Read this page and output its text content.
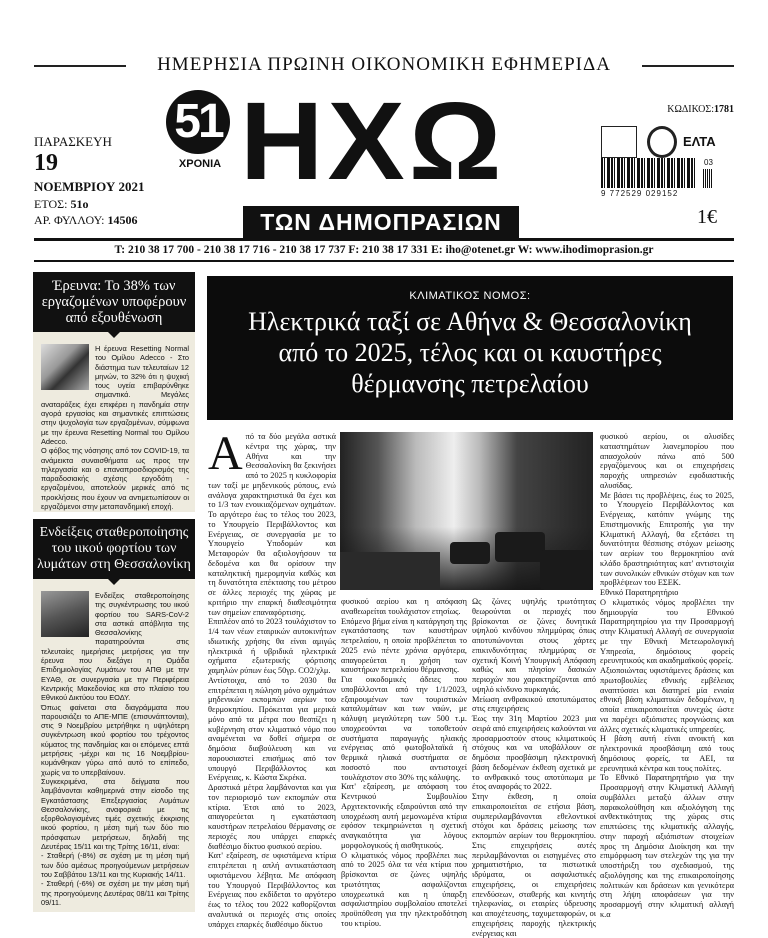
ΗΜΕΡΗΣΙΑ ΠΡΩΙΝΗ ΟΙΚΟΝΟΜΙΚΗ ΕΦΗΜΕΡΙΔΑ
ΠΑΡΑΣΚΕΥΗ
19
ΝΟΕΜΒΡΙΟΥ 2021
ΕΤΟΣ: 51ο
ΑΡ. ΦΥΛΛΟΥ: 14506
51
ΧΡΟΝΙΑ ΗΧΩ
ΤΩΝ ΔΗΜΟΠΡΑΣΙΩΝ
ΚΩΔΙΚΟΣ:1781
ΕΛΤΑ
9 772529 029152
03
1€
T: 210 38 17 700 - 210 38 17 716 - 210 38 17 737 F: 210 38 17 331 E: iho@otenet.gr W: www.ihodimoprasion.gr
Έρευνα: Το 38% των εργαζομένων υποφέρουν από εξουθένωση

Η έρευνα Resetting Normal του Ομίλου Adecco - Στο διάστημα των τελευταίων 12 μηνών, το 32% ότι η ψυχική τους υγεία επιβαρύνθηκε σημαντικά. Μεγάλες αναταράξεις έχει επιφέρει η πανδημία στην αγορά εργασίας και σημαντικές επιπτώσεις στην ψυχολογία των εργαζομένων, σύμφωνα με την έρευνα Resetting Normal του Ομίλου Adecco.

Ο φόβος της νόσησης από τον COVID-19, τα ανάμεικτα συναισθήματα ως προς την τηλεργασία και ο επαναπροσδιορισμός της παραδοσιακής σχέσης εργοδότη - εργαζομένου, αποτελούν μερικές από τις προκλήσεις που έχουν να αντιμετωπίσουν οι εργαζόμενοι στην μεταπανδημική εποχή.

Ενδείξεις σταθεροποίησης του ιικού φορτίου των λυμάτων στη Θεσσαλονίκη

Ενδείξεις σταθεροποίησης της συγκέντρωσης του ιικού φορτίου του SARS-CoV-2 στα αστικά απόβλητα της Θεσσαλονίκης παρατηρούνται στις τελευταίες ημερήσιες μετρήσεις για την έρευνα που διεξάγει η Ομάδα Επιδημιολογίας Λυμάτων του ΑΠΘ με την ΕΥΑΘ, σε συνεργασία με την Περιφέρεια Κεντρικής Μακεδονίας και στο πλαίσιο του Εθνικού Δικτύου του ΕΟΔΥ.

Όπως φαίνεται στα διαγράμματα που παρουσιάζει το ΑΠΕ-ΜΠΕ (επισυνάπτονται), στις 9 Νοεμβρίου μετρήθηκε η υψηλότερη συγκέντρωση ιικού φορτίου του τρέχοντος κύματος της πανδημίας και οι επόμενες επτά μετρήσεις -μέχρι και τις 16 Νοεμβρίου- κυμάνθηκαν γύρω από αυτό το επίπεδο, χωρίς να το υπερβαίνουν.

Συγκεκριμένα, στα δείγματα που λαμβάνονται καθημερινά στην είσοδο της Εγκατάστασης Επεξεργασίας Λυμάτων Θεσσαλονίκης, αναφορικά με τις εξορθολογισμένες τιμές σχετικής έκκρισης ιικού φορτίου, η μέση τιμή των δύο πιο πρόσφατων μετρήσεων, δηλαδή της Δευτέρας 15/11 και της Τρίτης 16/11, είναι:

- Σταθερή (-8%) σε σχέση με τη μέση τιμή των δύο αμέσως προηγούμενων μετρήσεων του Σαββάτου 13/11 και της Κυριακής 14/11.

- Σταθερή (-6%) σε σχέση με την μέση τιμή της προηγούμενης Δευτέρας 08/11 και Τρίτης 09/11.

ΚΛΙΜΑΤΙΚΟΣ ΝΟΜΟΣ:
Ηλεκτρικά ταξί σε Αθήνα & Θεσσαλονίκη
από το 2025, τέλος και οι καυστήρες
θέρμανσης πετρελαίου
Α πό τα δύο μεγάλα αστικά κέντρα της χώρας, την Αθήνα και την Θεσσαλονίκη θα ξεκινήσει από το 2025 η κυκλοφορία των ταξί με μηδενικούς ρύπους, ενώ ανάλογα χαρακτηριστικά θα έχει και το 1/3 των ενοικιαζόμενων οχημάτων. Το αργότερο έως το τέλος του 2023, το Υπουργείο Περιβάλλοντος και Ενέργειας, σε συνεργασία με το Υπουργείο Υποδομών και Μεταφορών θα αξιολογήσουν τα δεδομένα και θα ορίσουν την καταληκτική ημερομηνία καθώς και τη δυνατότητα επέκτασης του μέτρου σε άλλες περιοχές της χώρας με κριτήριο την επαρκή διαθεσιμότητα των σημείων επαναφόρτισης.

Επιπλέον από το 2023 τουλάχιστον το 1/4 των νέων εταιρικών αυτοκινήτων ιδιωτικής χρήσης θα είναι αμιγώς ηλεκτρικά ή υβριδικά ηλεκτρικά οχήματα εξωτερικής φόρτισης χαμηλών ρύπων έως 50γρ. CO2/χλμ.

Αντίστοιχα, από το 2030 θα επιτρέπεται η πώληση μόνο οχημάτων μηδενικών εκπομπών αερίων του θερμοκηπίου. Πρόκειται για μερικά μόνο από τα μέτρα που θεσπίζει η κυβέρνηση στον κλιματικό νόμο που αναμένεται να δοθεί σήμερα σε δημόσια διαβούλευση και να παρουσιαστεί επισήμως από τον υπουργό Περιβάλλοντος και Ενέργειας, κ. Κώστα Σκρέκα.

Δραστικά μέτρα λαμβάνονται και για τον περιορισμό των εκπομπών στα κτίρια. Έτσι από το 2023, απαγορεύεται η εγκατάσταση καυστήρων πετρελαίου θέρμανσης σε περιοχές που υπάρχει επαρκές διαθέσιμο δίκτυο φυσικού αερίου.

Κατ' εξαίρεση, σε υφιστάμενα κτίρια επιτρέπεται η απλή αντικατάσταση υφιστάμενου λέβητα. Με απόφαση του Υπουργού Περιβάλλοντος και Ενέργειας που εκδίδεται το αργότερο έως το τέλος του 2022 καθορίζονται αναλυτικά οι περιοχές στις οποίες υπάρχει επαρκές διαθέσιμο δίκτυο

φυσικού αερίου και η απόφαση αναθεωρείται τουλάχιστον ετησίως.

Επόμενο βήμα είναι η κατάργηση της εγκατάστασης των καυστήρων πετρελαίου, η οποία προβλέπεται το 2025 ενώ πέντε χρόνια αργότερα, απαγορεύεται η χρήση των καυστήρων πετρελαίου θέρμανσης.

Για οικοδομικές άδειες που υποβάλλονται από την 1/1/2023, εξαιρουμένων των τουριστικών καταλυμάτων και των ναών, με κάλυψη μεγαλύτερη των 500 τ.μ. υποχρεούνται να τοποθετούν συστήματα παραγωγής ηλιακής ενέργειας από φωτοβολταϊκά ή θερμικά ηλιακά συστήματα σε ποσοστό που αντιστοιχεί τουλάχιστον στο 30% της κάλυψης.

Κατ' εξαίρεση, με απόφαση του Κεντρικού Συμβουλίου Αρχιτεκτονικής εξαιρούνται από την υποχρέωση αυτή μεμονωμένα κτίρια εφόσον τεκμηριώνεται η σχετική αναγκαιότητα για λόγους μορφολογικούς ή αισθητικούς.

Ο κλιματικός νόμος προβλέπει πως από το 2025 όλα τα νέα κτίρια που βρίσκονται σε ζώνες υψηλής τρωτότητας ασφαλίζονται υποχρεωτικά και η ύπαρξη ασφαλιστηρίου συμβολαίου αποτελεί προϋπόθεση για την ηλεκτροδότηση του κτιρίου.

Ως ζώνες υψηλής τρωτότητας θεωρούνται οι περιοχές που βρίσκονται σε ζώνες δυνητικά υψηλού κινδύνου πλημμύρας όπως αποτυπώνονται στους χάρτες επικινδυνότητας πλημμύρας σε σχετική Κοινή Υπουργική Απόφαση καθώς και πλησίον δασικών περιοχών που χαρακτηρίζονται από υψηλό κίνδυνο πυρκαγιάς.

Μείωση ανθρακικού αποτυπώματος στις επιχειρήσεις

Έως την 31η Μαρτίου 2023 μια σειρά από επιχειρήσεις καλούνται να προσαρμοστούν στους κλιματικούς στόχους και να υποβάλλουν σε δημόσια προσβάσιμη ηλεκτρονική βάση δεδομένων έκθεση σχετικά με το ανθρακικό τους αποτύπωμα με έτος αναφοράς το 2022.

Στην έκθεση, η οποία επικαιροποιείται σε ετήσια βάση, συμπεριλαμβάνονται εθελοντικοί στόχοι και δράσεις μείωσης των εκπομπών αερίων του θερμοκηπίου. Στις επιχειρήσεις αυτές περιλαμβάνονται οι εισηγμένες στο χρηματιστήριο, τα πιστωτικά ιδρύματα, οι ασφαλιστικές επιχειρήσεις, οι επιχειρήσεις επενδύσεων, σταθερής και κινητής τηλεφωνίας, οι εταιρίες ύδρευσης και αποχέτευσης, ταχυμεταφορών, οι επιχειρήσεις παροχής ηλεκτρικής ενέργειας και

φυσικού αερίου, οι αλυσίδες καταστημάτων λιανεμπορίου που απασχολούν πάνω από 500 εργαζόμενους και οι επιχειρήσεις παροχής υπηρεσιών εφοδιαστικής αλυσίδας.

Με βάσει τις προβλέψεις, έως το 2025, το Υπουργείο Περιβάλλοντος και Ενέργειας, κατόπιν γνώμης της Επιστημονικής Επιτροπής για την Κλιματική Αλλαγή, θα εξετάσει τη δυνατότητα θέσπισης στόχων μείωσης των αερίων του θερμοκηπίου ανά κλάδο δραστηριότητας κατ' αντιστοιχία των συνολικών εθνικών στόχων και των προβλέψεων του ΕΣΕΚ.

Εθνικό Παρατηρητήριο

Ο κλιματικός νόμος προβλέπει την δημιουργία του Εθνικού Παρατηρητηρίου για την Προσαρμογή στην Κλιματική Αλλαγή σε συνεργασία με την Εθνική Μετεωρολογική Υπηρεσία, δημόσιους φορείς ερευνητικούς και ακαδημαϊκούς φορείς.

Αξιοποιώντας υφιστάμενες δράσεις και πρωτοβουλίες εθνικής εμβέλειας αναπτύσσει και διατηρεί μία ενιαία εθνική βάση κλιματικών δεδομένων, η οποία επικαιροποιείται συνεχώς ώστε να παρέχει αξιόπιστες προγνώσεις και άλλες σχετικές κλιματικές υπηρεσίες.

Η βάση αυτή είναι ανοικτή και ηλεκτρονικά προσβάσιμη από τους δημόσιους φορείς, τα ΑΕΙ, τα ερευνητικά κέντρα και τους πολίτες.

Το Εθνικό Παρατηρητήριο για την Προσαρμογή στην Κλιματική Αλλαγή συμβάλλει μεταξύ άλλων στην παρακολούθηση και αξιολόγηση της ανθεκτικότητας της χώρας στις επιπτώσεις της κλιματικής αλλαγής, στην παροχή αξιόπιστων στοιχείων προς τη Δημόσια Διοίκηση και την επιμόρφωση των στελεχών της για την υποστήριξη του σχεδιασμού, της αξιολόγησης και της επικαιροποίησης πολιτικών και δράσεων και γενικότερα στη λήψη αποφάσεων για την προσαρμογή στην κλιματική αλλαγή κ.α
